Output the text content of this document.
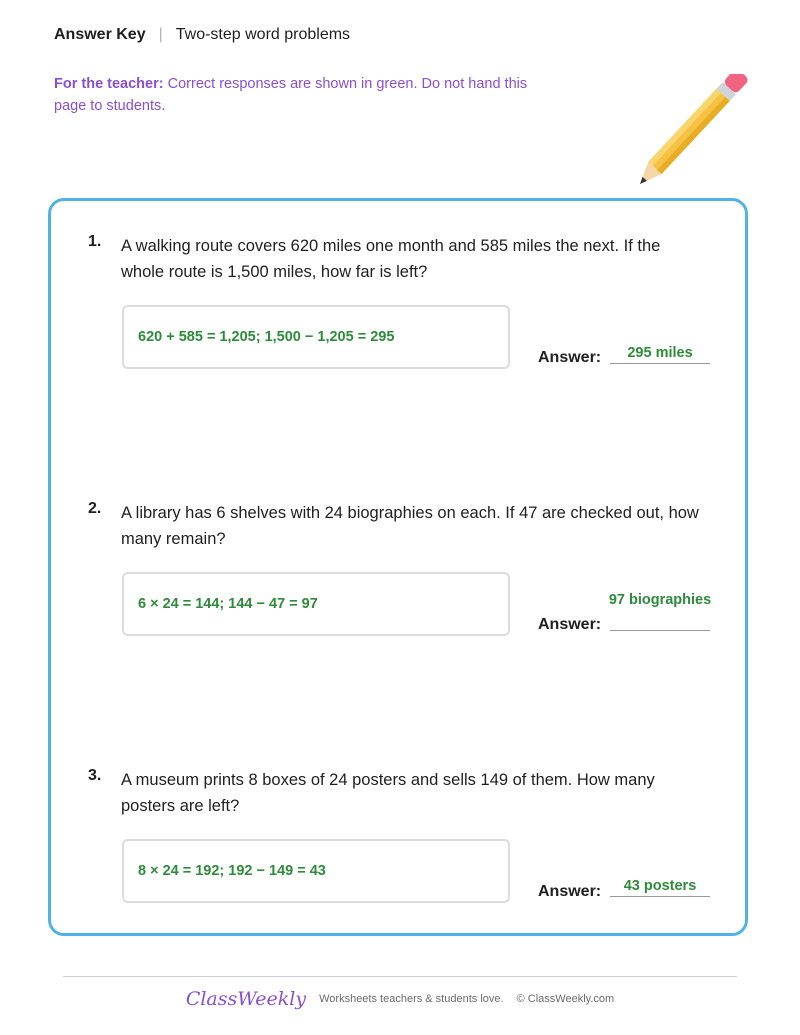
Answer Key | Two-step word problems
For the teacher: Correct responses are shown in green. Do not hand this page to students.
1. A walking route covers 620 miles one month and 585 miles the next. If the whole route is 1,500 miles, how far is left?
620 + 585 = 1,205; 1,500 − 1,205 = 295
Answer:	295 miles
2. A library has 6 shelves with 24 biographies on each. If 47 are checked out, how many remain?
6 × 24 = 144; 144 − 47 = 97
Answer:
97 biographies
3. A museum prints 8 boxes of 24 posters and sells 149 of them. How many posters are left?
8 × 24 = 192; 192 − 149 = 43
Answer:	43 posters
ClassWeekly Worksheets teachers & students love. © ClassWeekly.com
